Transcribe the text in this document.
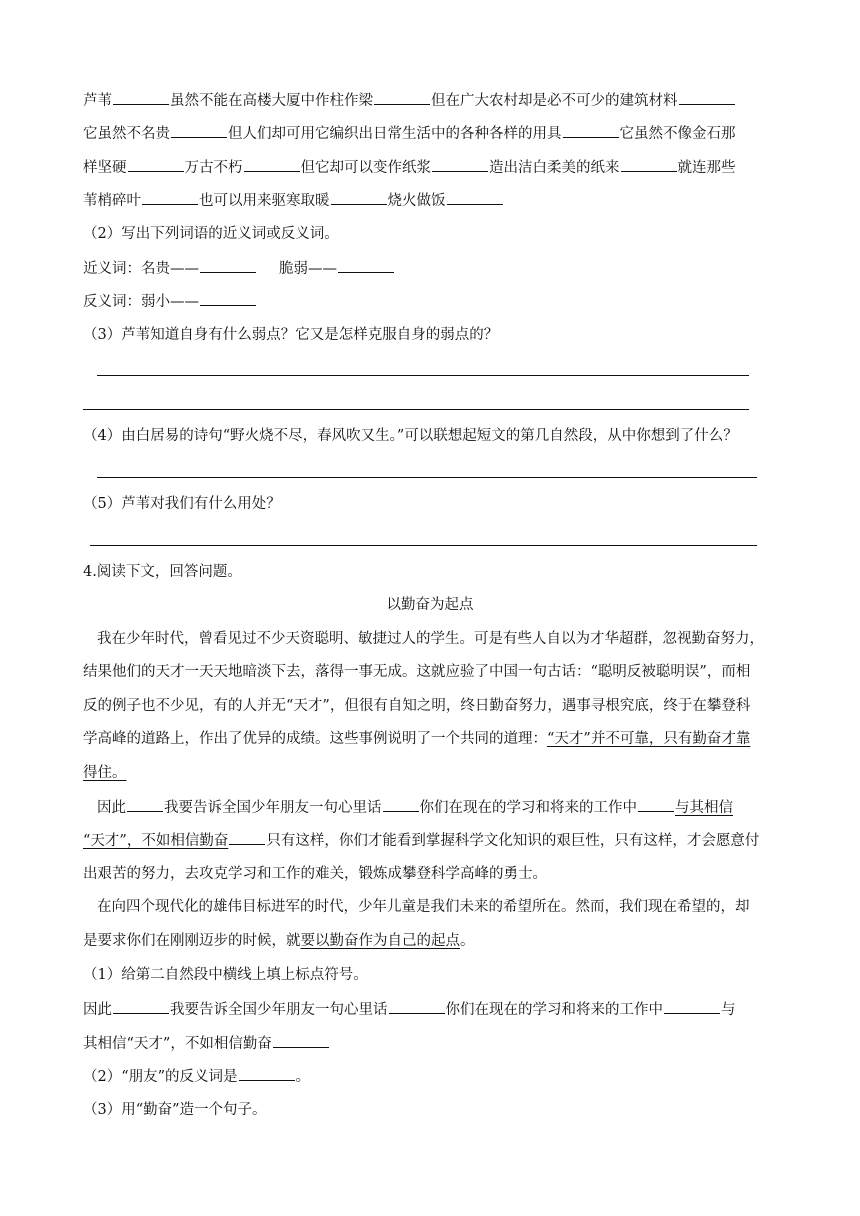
芦苇	虽然不能在高楼大厦中作柱作梁	但在广大农村却是必不可少的建筑材料
它虽然不名贵	但人们却可用它编织出日常生活中的各种各样的用具	它虽然不像金石那
样坚硬	万古不朽	但它却可以变作纸浆	造出洁白柔美的纸来	就连那些
苇梢碎叶	也可以用来驱寒取暖	烧火做饭
（2）写出下列词语的近义词或反义词。
近义词：名贵——	脆弱——
反义词：弱小——
（3）芦苇知道自身有什么弱点？它又是怎样克服自身的弱点的？
（4）由白居易的诗句“野火烧不尽，春风吹又生。”可以联想起短文的第几自然段，从中你想到了什么？
（5）芦苇对我们有什么用处？
4.阅读下文，回答问题。
以勤奋为起点
我在少年时代，曾看见过不少天资聪明、敏捷过人的学生。可是有些人自以为才华超群，忽视勤奋努力，
结果他们的天才一天天地暗淡下去，落得一事无成。这就应验了中国一句古话：“聪明反被聪明误”，而相
反的例子也不少见，有的人并无“天才”，但很有自知之明，终日勤奋努力，遇事寻根究底，终于在攀登科
学高峰的道路上，作出了优异的成绩。这些事例说明了一个共同的道理：“天才”并不可靠，只有勤奋才靠
得住。
因此	我要告诉全国少年朋友一句心里话	你们在现在的学习和将来的工作中	与其相信
“天才”，不如相信勤奋	只有这样，你们才能看到掌握科学文化知识的艰巨性，只有这样，才会愿意付
出艰苦的努力，去攻克学习和工作的难关，锻炼成攀登科学高峰的勇士。
在向四个现代化的雄伟目标进军的时代，少年儿童是我们未来的希望所在。然而，我们现在希望的，却
是要求你们在刚刚迈步的时候，就要以勤奋作为自己的起点。
（1）给第二自然段中横线上填上标点符号。
因此	我要告诉全国少年朋友一句心里话	你们在现在的学习和将来的工作中	与
其相信“天才”，不如相信勤奋
（2）“朋友”的反义词是	。
（3）用“勤奋”造一个句子。
